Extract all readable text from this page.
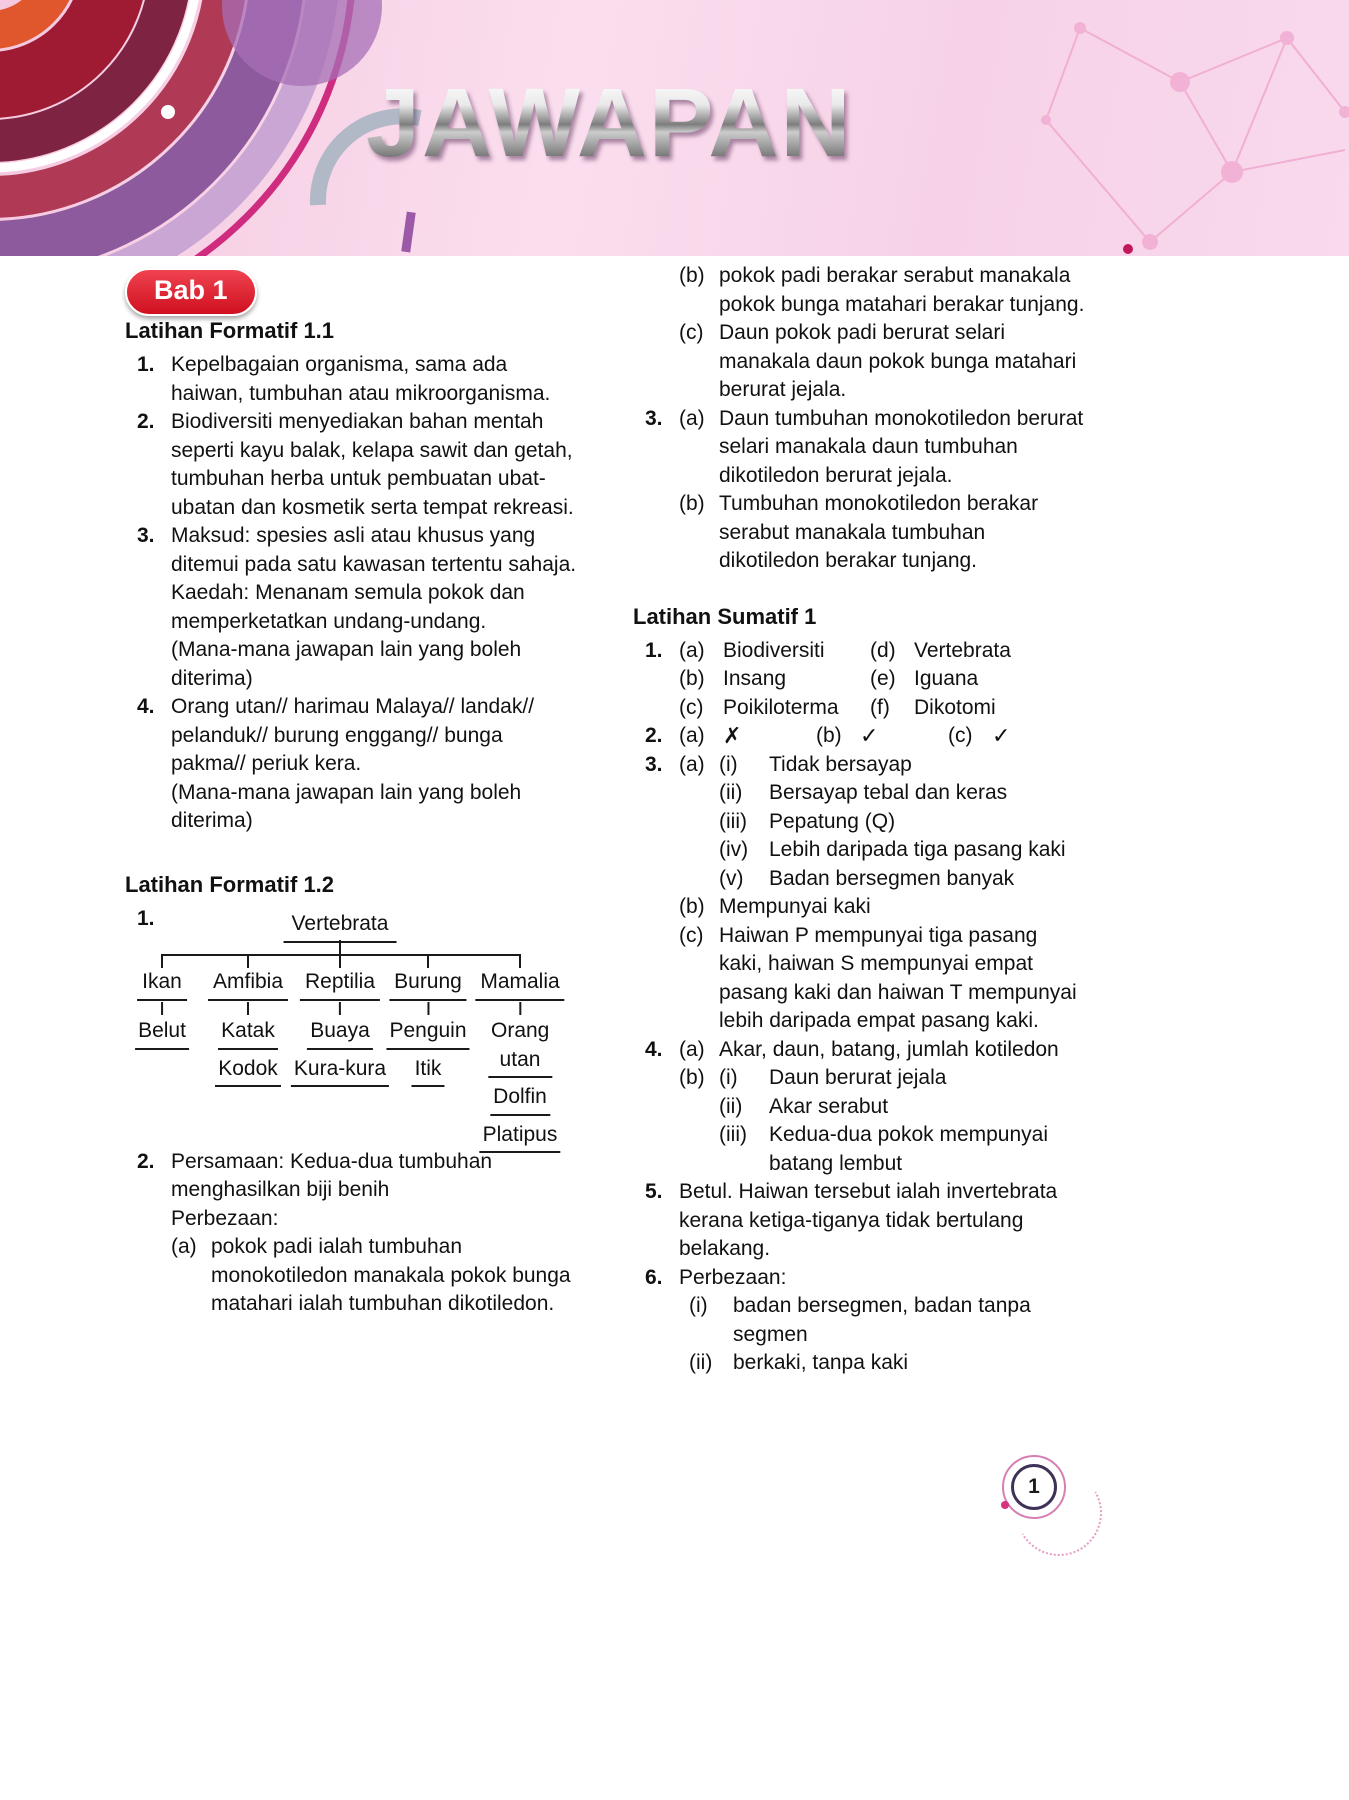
JAWAPAN
Bab 1
Latihan Formatif 1.1
1. Kepelbagaian organisma, sama ada haiwan, tumbuhan atau mikroorganisma.
2. Biodiversiti menyediakan bahan mentah seperti kayu balak, kelapa sawit dan getah, tumbuhan herba untuk pembuatan ubat-ubatan dan kosmetik serta tempat rekreasi.
3. Maksud: spesies asli atau khusus yang ditemui pada satu kawasan tertentu sahaja.
Kaedah: Menanam semula pokok dan memperketatkan undang-undang.
(Mana-mana jawapan lain yang boleh diterima)
4. Orang utan// harimau Malaya// landak// pelanduk// burung enggang// bunga pakma// periuk kera.
(Mana-mana jawapan lain yang boleh diterima)
Latihan Formatif 1.2
1.	Vertebrata
Ikan
Belut
Amfibia
Katak
Kodok
Reptilia
Buaya
Kura-kura
Burung
Penguin
Itik
Mamalia
Orang utan
Dolfin
Platipus
2. Persamaan: Kedua-dua tumbuhan menghasilkan biji benih
Perbezaan:
(a) pokok padi ialah tumbuhan monokotiledon manakala pokok bunga matahari ialah tumbuhan dikotiledon.
(b) pokok padi berakar serabut manakala pokok bunga matahari berakar tunjang.
(c) Daun pokok padi berurat selari manakala daun pokok bunga matahari berurat jejala.
3. (a) Daun tumbuhan monokotiledon berurat selari manakala daun tumbuhan dikotiledon berurat jejala.
(b) Tumbuhan monokotiledon berakar serabut manakala tumbuhan dikotiledon berakar tunjang.
Latihan Sumatif 1
1. (a) Biodiversiti	(d) Vertebrata
(b) Insang	(e) Iguana
(c) Poikiloterma	(f)	Dikotomi
2. (a) ✗	(b) ✓	(c) ✓
3. (a) (i)	Tidak bersayap
(ii)	Bersayap tebal dan keras
(iii)	Pepatung (Q)
(iv) Lebih daripada tiga pasang kaki
(v)	Badan bersegmen banyak
(b) Mempunyai kaki
(c) Haiwan P mempunyai tiga pasang kaki, haiwan S mempunyai empat pasang kaki dan haiwan T mempunyai lebih daripada empat pasang kaki.
4. (a) Akar, daun, batang, jumlah kotiledon
(b) (i)	Daun berurat jejala
(ii)	Akar serabut
(iii)	Kedua-dua pokok mempunyai batang lembut
5. Betul. Haiwan tersebut ialah invertebrata kerana ketiga-tiganya tidak bertulang belakang.
6. Perbezaan:
(i)	badan bersegmen, badan tanpa segmen
(ii) berkaki, tanpa kaki
1
